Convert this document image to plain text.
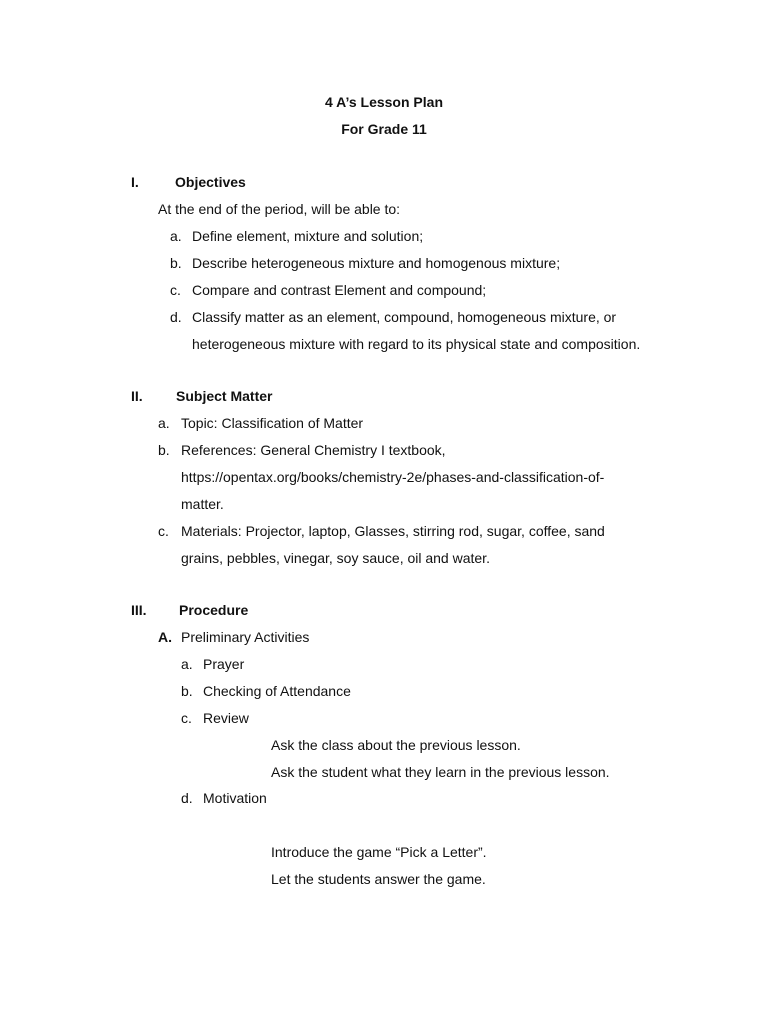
4 A’s Lesson Plan
For Grade 11
I.	Objectives
At the end of the period, will be able to:
a. Define element, mixture and solution;
b. Describe heterogeneous mixture and homogenous mixture;
c. Compare and contrast Element and compound;
d. Classify matter as an element, compound, homogeneous mixture, or
heterogeneous mixture with regard to its physical state and composition.
II. Subject Matter
a. Topic: Classification of Matter
b. References: General Chemistry I textbook,
https://opentax.org/books/chemistry-2e/phases-and-classification-of-
matter.
c. Materials: Projector, laptop, Glasses, stirring rod, sugar, coffee, sand
grains, pebbles, vinegar, soy sauce, oil and water.
III. Procedure
A. Preliminary Activities
a. Prayer
b. Checking of Attendance
c. Review
Ask the class about the previous lesson.
Ask the student what they learn in the previous lesson.
d. Motivation
Introduce the game “Pick a Letter”.
Let the students answer the game.
